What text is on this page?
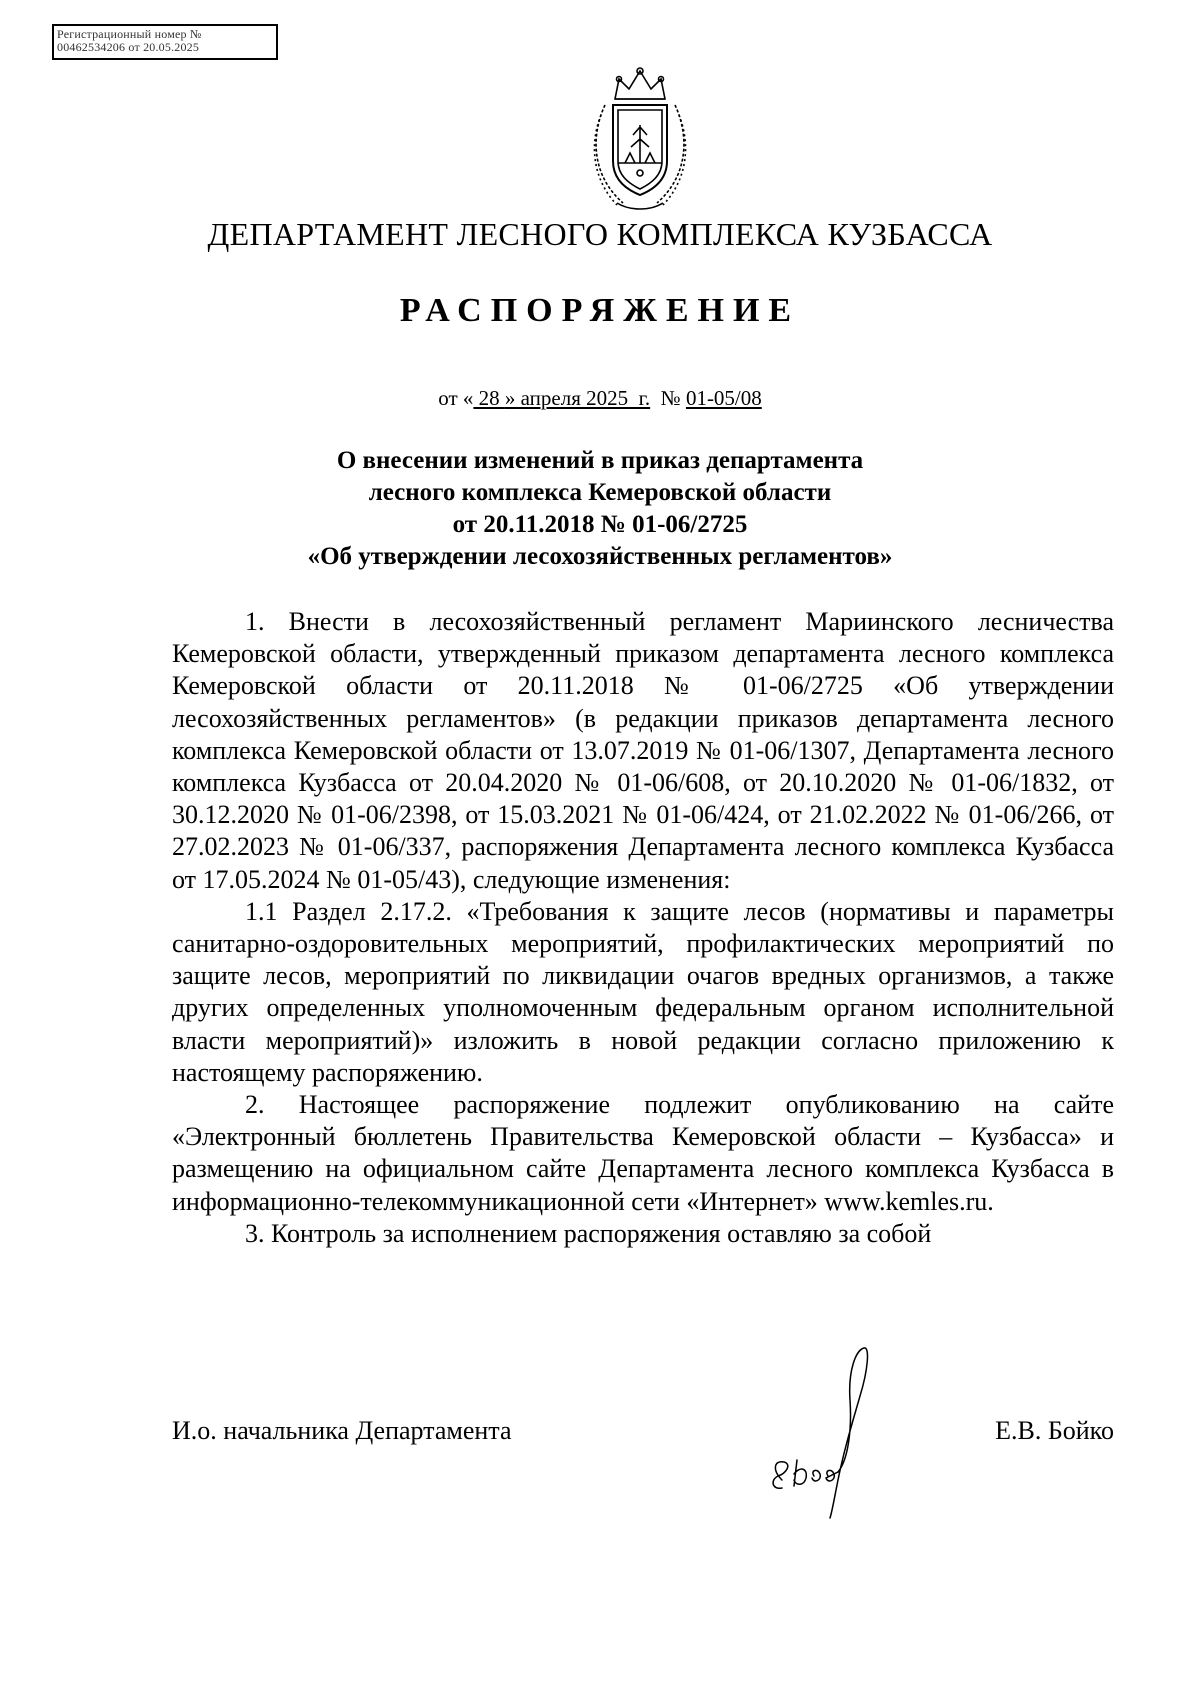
Регистрационный номер №
00462534206 от 20.05.2025
ДЕПАРТАМЕНТ ЛЕСНОГО КОМПЛЕКСА КУЗБАССА
РАСПОРЯЖЕНИЕ
от « 28 » апреля 2025  г. № 01-05/08
О внесении изменений в приказ департамента
лесного комплекса Кемеровской области
от 20.11.2018 № 01-06/2725
«Об утверждении лесохозяйственных регламентов»

1. Внести в лесохозяйственный регламент Мариинского лесничества Кемеровской области, утвержденный приказом департамента лесного комплекса Кемеровской области от 20.11.2018 № 01-06/2725 «Об утверждении лесохозяйственных регламентов» (в редакции приказов департамента лесного комплекса Кемеровской области от 13.07.2019 № 01-06/1307, Департамента лесного комплекса Кузбасса от 20.04.2020 № 01-06/608, от 20.10.2020 № 01-06/1832, от 30.12.2020 № 01-06/2398, от 15.03.2021 № 01-06/424, от 21.02.2022 № 01-06/266, от 27.02.2023 № 01-06/337, распоряжения Департамента лесного комплекса Кузбасса от 17.05.2024 № 01-05/43), следующие изменения:

1.1 Раздел 2.17.2. «Требования к защите лесов (нормативы и параметры санитарно-оздоровительных мероприятий, профилактических мероприятий по защите лесов, мероприятий по ликвидации очагов вредных организмов, а также других определенных уполномоченным федеральным органом исполнительной власти мероприятий)» изложить в новой редакции согласно приложению к настоящему распоряжению.

2. Настоящее распоряжение подлежит опубликованию на сайте «Электронный бюллетень Правительства Кемеровской области – Кузбасса» и размещению на официальном сайте Департамента лесного комплекса Кузбасса в информационно-телекоммуникационной сети «Интернет» www.kemles.ru.

3. Контроль за исполнением распоряжения оставляю за собой

И.о. начальника Департамента	Е.В. Бойко
